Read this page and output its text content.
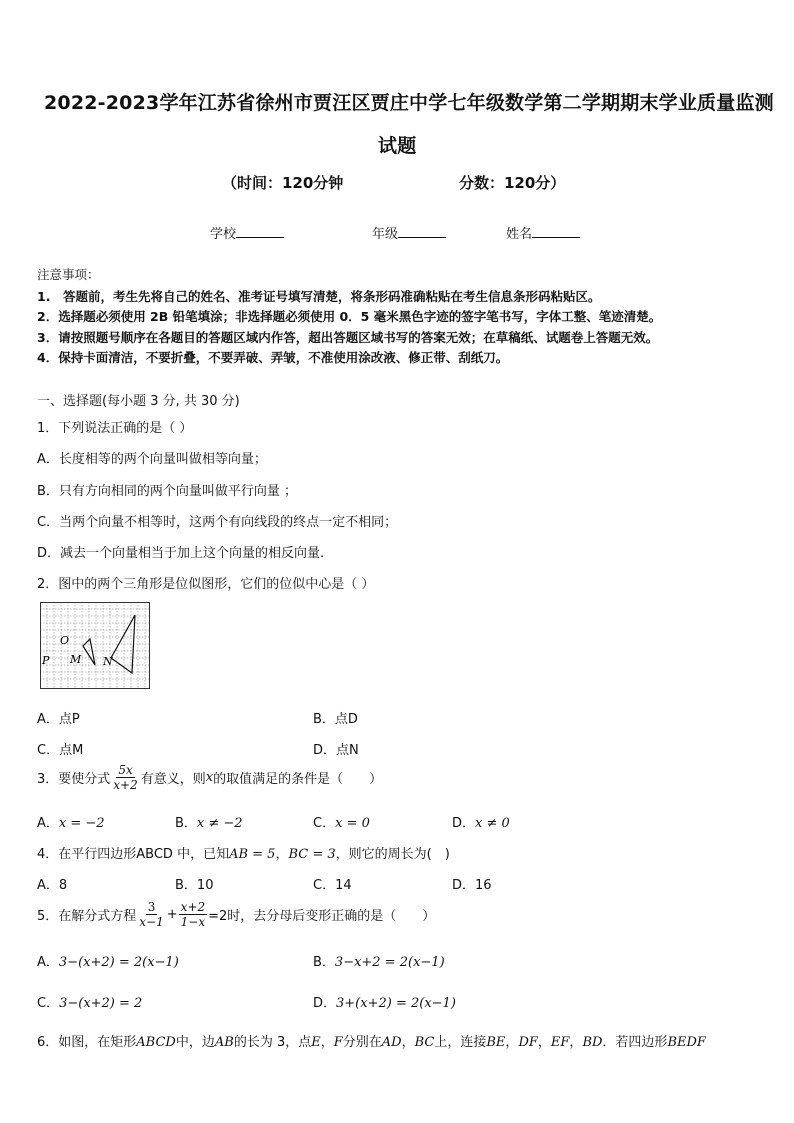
2022-2023学年江苏省徐州市贾汪区贾庄中学七年级数学第二学期期末学业质量监测
试题
（时间：120分钟	分数：120分）
学校	年级	姓名
注意事项：
1.　答题前，考生先将自己的姓名、准考证号填写清楚，将条形码准确粘贴在考生信息条形码粘贴区。
2．选择题必须使用 2B 铅笔填涂；非选择题必须使用 0．5 毫米黑色字迹的签字笔书写，字体工整、笔迹清楚。
3．请按照题号顺序在各题目的答题区域内作答，超出答题区域书写的答案无效；在草稿纸、试题卷上答题无效。
4．保持卡面清洁，不要折叠，不要弄破、弄皱，不准使用涂改液、修正带、刮纸刀。
一、选择题(每小题 3 分, 共 30 分)
1．下列说法正确的是（ ）
A．长度相等的两个向量叫做相等向量；
B．只有方向相同的两个向量叫做平行向量 ；
C．当两个向量不相等时，这两个有向线段的终点一定不相同；
D．减去一个向量相当于加上这个向量的相反向量.
2．图中的两个三角形是位似图形，它们的位似中心是（ ）
O
P M N
A．点P	B．点D
C．点M	D．点N
3．要使分式 $\frac{5x}{x+2}$ 有意义，则 x 的取值满足的条件是（　　）
A．x = −2	B．x ≠ −2	C．x = 0	D．x ≠ 0
4．在平行四边形ABCD 中，已知AB = 5，BC = 3，则它的周长为(　)
A．8	B．10	C．14	D．16
5．在解分式方程 $\frac{3}{x-1} + \frac{x+2}{1-x} =2$时，去分母后变形正确的是（　　）
A．3−(x+2) = 2(x−1)	B．3−x+2 = 2(x−1)
C．3−(x+2) = 2	D．3+(x+2) = 2(x−1)
6．如图，在矩形ABCD中，边AB的长为 3，点E，F分别在AD，BC上，连接BE，DF，EF，BD．若四边形BEDF
